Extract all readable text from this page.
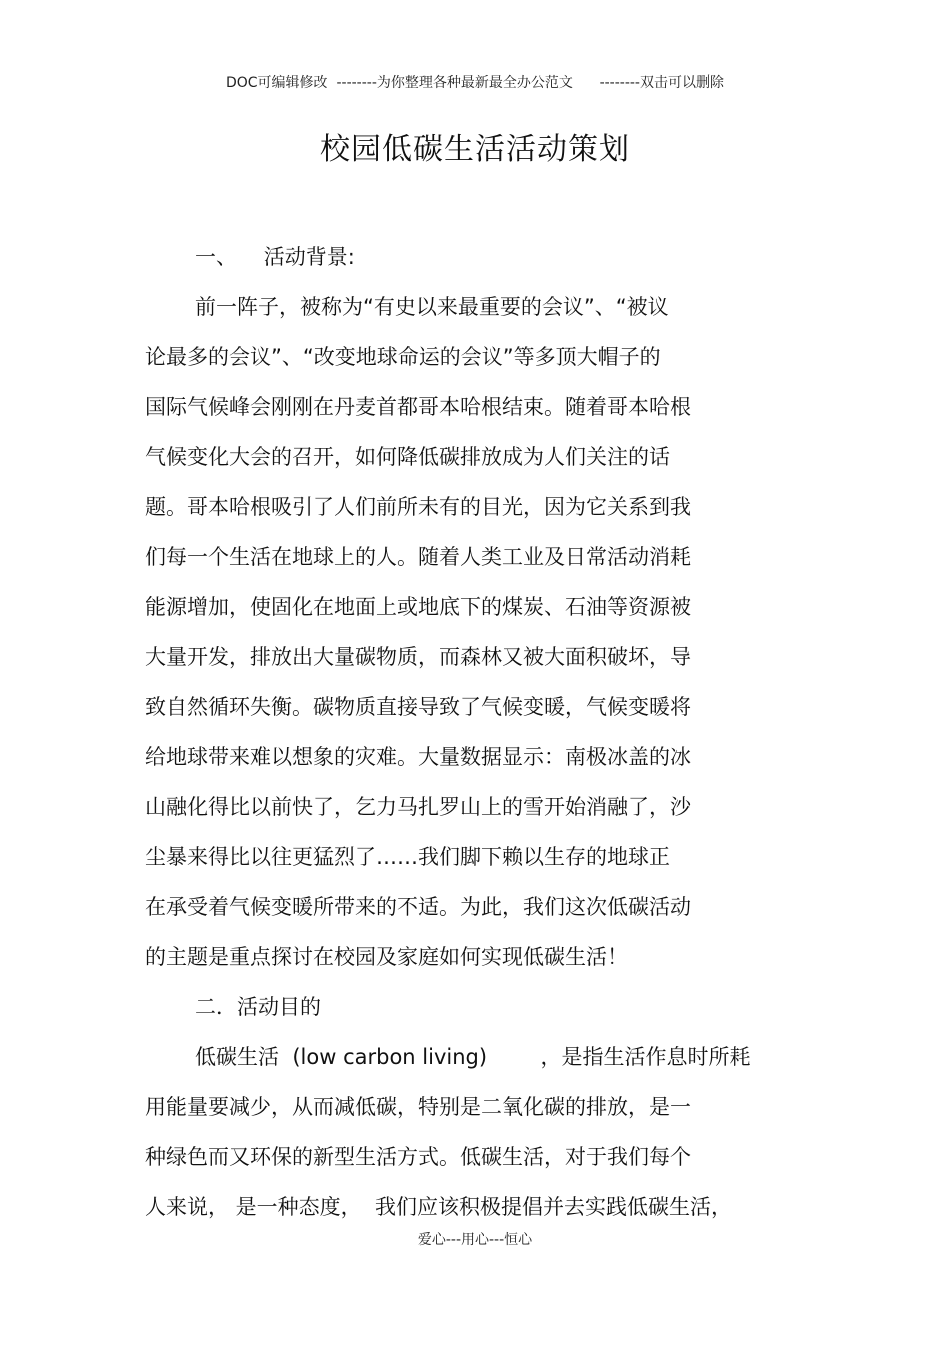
DOC可编辑修改  --------为你整理各种最新最全办公范文      --------双击可以删除
校园低碳生活活动策划
一、    活动背景:
前一阵子，被称为“有史以来最重要的会议”、“被议
论最多的会议”、“改变地球命运的会议”等多顶大帽子的
国际气候峰会刚刚在丹麦首都哥本哈根结束。随着哥本哈根
气候变化大会的召开，如何降低碳排放成为人们关注的话
题。哥本哈根吸引了人们前所未有的目光，因为它关系到我
们每一个生活在地球上的人。随着人类工业及日常活动消耗
能源增加，使固化在地面上或地底下的煤炭、石油等资源被
大量开发，排放出大量碳物质，而森林又被大面积破坏，导
致自然循环失衡。碳物质直接导致了气候变暖，气候变暖将
给地球带来难以想象的灾难。大量数据显示：南极冰盖的冰
山融化得比以前快了，乞力马扎罗山上的雪开始消融了，沙
尘暴来得比以往更猛烈了……我们脚下赖以生存的地球正
在承受着气候变暖所带来的不适。为此，我们这次低碳活动
的主题是重点探讨在校园及家庭如何实现低碳生活！
二．活动目的
低碳生活  (low carbon living)        ，是指生活作息时所耗
用能量要减少，从而减低碳，特别是二氧化碳的排放，是一
种绿色而又环保的新型生活方式。低碳生活，对于我们每个
人来说， 是一种态度，  我们应该积极提倡并去实践低碳生活，
爱心---用心---恒心
